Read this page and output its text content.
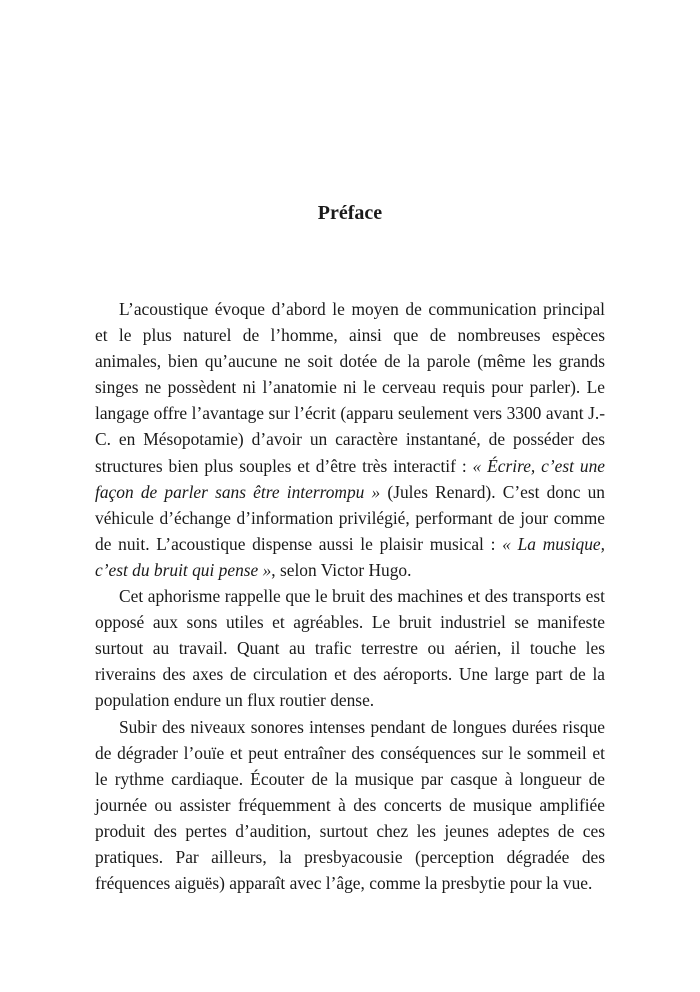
Préface

L’acoustique évoque d’abord le moyen de communication principal et le plus naturel de l’homme, ainsi que de nombreuses espèces animales, bien qu’aucune ne soit dotée de la parole (même les grands singes ne possèdent ni l’anatomie ni le cerveau requis pour parler). Le langage offre l’avantage sur l’écrit (apparu seulement vers 3300 avant J.-C. en Mésopotamie) d’avoir un caractère instantané, de posséder des structures bien plus souples et d’être très interactif : « Écrire, c’est une façon de parler sans être interrompu » (Jules Renard). C’est donc un véhicule d’échange d’information privilégié, performant de jour comme de nuit. L’acoustique dispense aussi le plaisir musical : « La musique, c’est du bruit qui pense », selon Victor Hugo.

Cet aphorisme rappelle que le bruit des machines et des transports est opposé aux sons utiles et agréables. Le bruit industriel se manifeste surtout au travail. Quant au trafic terrestre ou aérien, il touche les riverains des axes de circulation et des aéroports. Une large part de la population endure un flux routier dense.

Subir des niveaux sonores intenses pendant de longues durées risque de dégrader l’ouïe et peut entraîner des conséquences sur le sommeil et le rythme cardiaque. Écouter de la musique par casque à longueur de journée ou assister fréquemment à des concerts de musique amplifiée produit des pertes d’audition, surtout chez les jeunes adeptes de ces pratiques. Par ailleurs, la presbyacousie (perception dégradée des fréquences aiguës) apparaît avec l’âge, comme la presbytie pour la vue.
